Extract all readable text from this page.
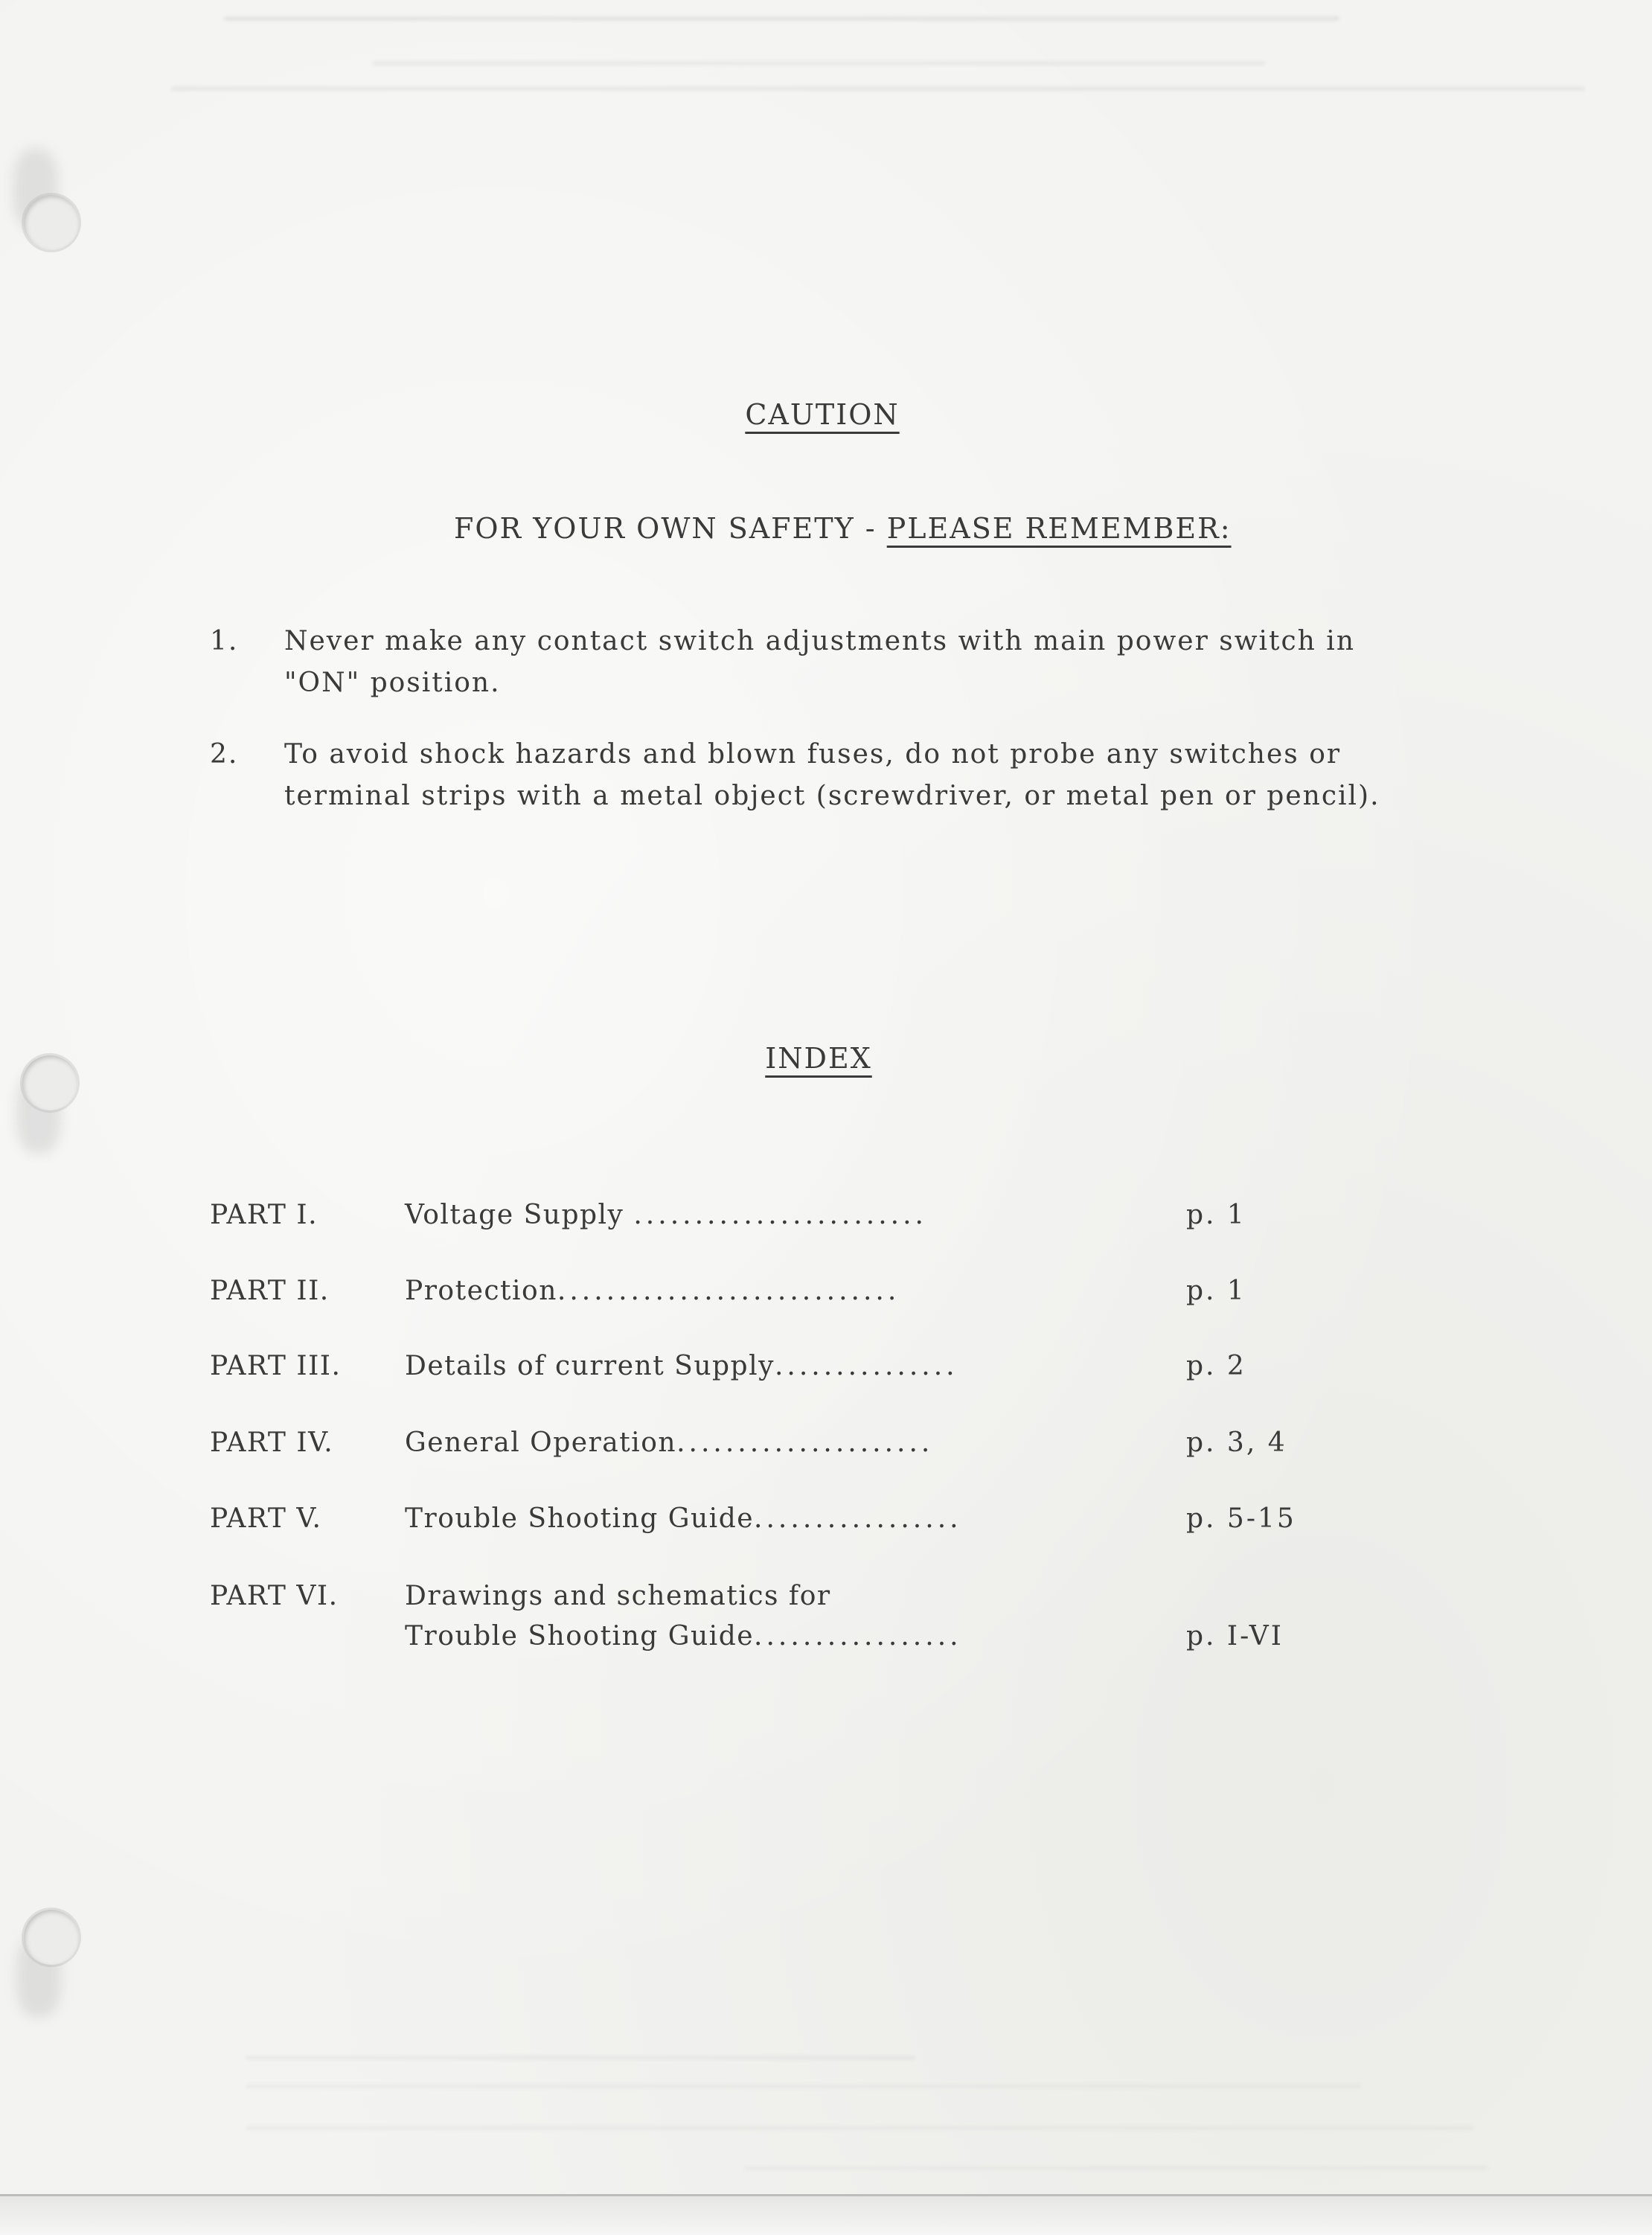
CAUTION
FOR YOUR OWN SAFETY - PLEASE REMEMBER:
1. Never make any contact switch adjustments with main power switch in
"ON" position.
2. To avoid shock hazards and blown fuses, do not probe any switches or
terminal strips with a metal object (screwdriver, or metal pen or pencil).
INDEX
PART I.	Voltage Supply ........................	p. 1
PART II.	Protection............................	p. 1
PART III. Details of current Supply...............	p. 2
PART IV.	General Operation.....................	p. 3, 4
PART V.	Trouble Shooting Guide.................	p. 5-15
PART VI. Drawings and schematics for
Trouble Shooting Guide.................	p. I-VI
